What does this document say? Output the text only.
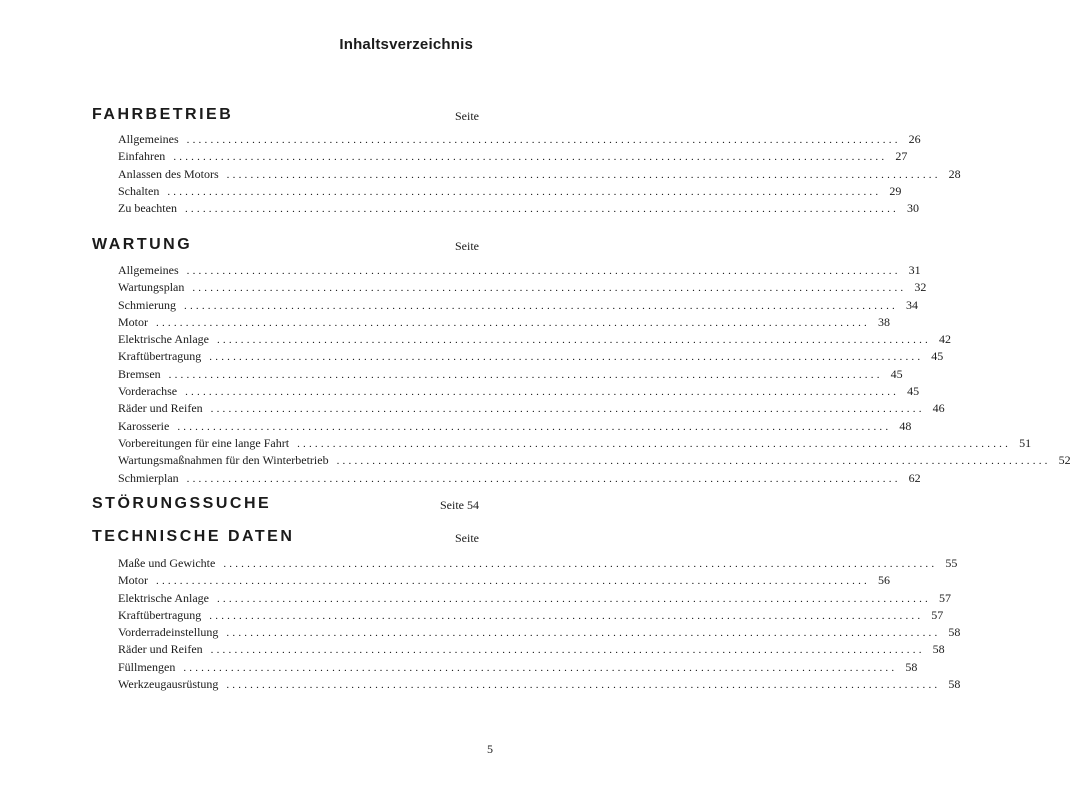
Inhaltsverzeichnis
FAHRBETRIEB	Seite
Allgemeines ........................................................................................................................ 26
Einfahren ........................................................................................................................ 27
Anlassen des Motors ........................................................................................................................ 28
Schalten ........................................................................................................................ 29
Zu beachten ........................................................................................................................ 30
WARTUNG	Seite
Allgemeines ........................................................................................................................ 31
Wartungsplan ........................................................................................................................ 32
Schmierung ........................................................................................................................ 34
Motor ........................................................................................................................ 38
Elektrische Anlage ........................................................................................................................ 42
Kraftübertragung ........................................................................................................................ 45
Bremsen ........................................................................................................................ 45
Vorderachse ........................................................................................................................ 45
Räder und Reifen ........................................................................................................................ 46
Karosserie ........................................................................................................................ 48
Vorbereitungen für eine lange Fahrt ........................................................................................................................ 51
Wartungsmaßnahmen für den Winterbetrieb ........................................................................................................................ 52
Schmierplan ........................................................................................................................ 62
STÖRUNGSSUCHE	Seite 54
TECHNISCHE DATEN	Seite
Maße und Gewichte ........................................................................................................................ 55
Motor ........................................................................................................................ 56
Elektrische Anlage ........................................................................................................................ 57
Kraftübertragung ........................................................................................................................ 57
Vorderradeinstellung ........................................................................................................................ 58
Räder und Reifen ........................................................................................................................ 58
Füllmengen ........................................................................................................................ 58
Werkzeugausrüstung ........................................................................................................................ 58
5
